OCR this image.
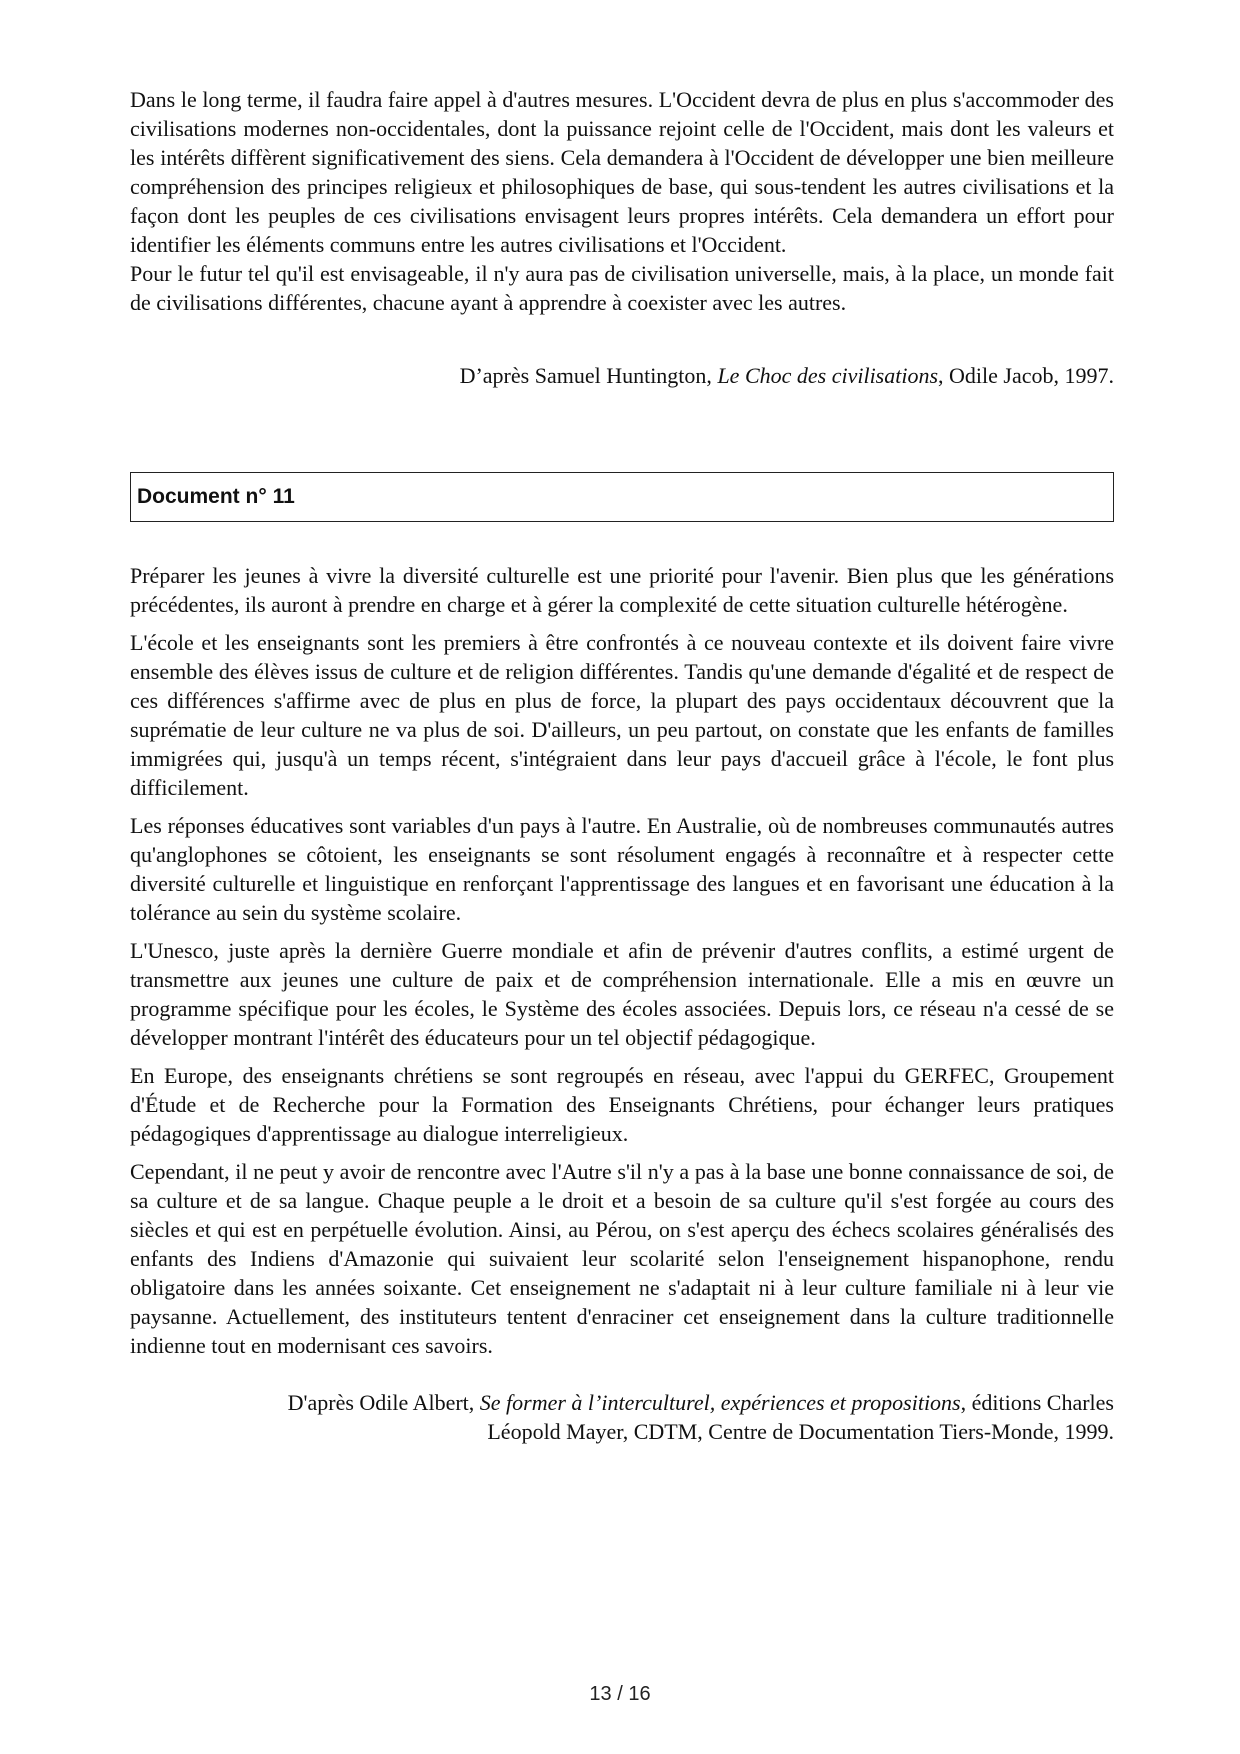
Dans le long terme, il faudra faire appel à d'autres mesures. L'Occident devra de plus en plus s'accommoder des civilisations modernes non-occidentales, dont la puissance rejoint celle de l'Occident, mais dont les valeurs et les intérêts diffèrent significativement des siens. Cela demandera à l'Occident de développer une bien meilleure compréhension des principes religieux et philosophiques de base, qui sous-tendent les autres civilisations et la façon dont les peuples de ces civilisations envisagent leurs propres intérêts. Cela demandera un effort pour identifier les éléments communs entre les autres civilisations et l'Occident.

Pour le futur tel qu'il est envisageable, il n'y aura pas de civilisation universelle, mais, à la place, un monde fait de civilisations différentes, chacune ayant à apprendre à coexister avec les autres.

D’après Samuel Huntington, Le Choc des civilisations, Odile Jacob, 1997.

Document n° 11

Préparer les jeunes à vivre la diversité culturelle est une priorité pour l'avenir. Bien plus que les générations précédentes, ils auront à prendre en charge et à gérer la complexité de cette situation culturelle hétérogène.

L'école et les enseignants sont les premiers à être confrontés à ce nouveau contexte et ils doivent faire vivre ensemble des élèves issus de culture et de religion différentes. Tandis qu'une demande d'égalité et de respect de ces différences s'affirme avec de plus en plus de force, la plupart des pays occidentaux découvrent que la suprématie de leur culture ne va plus de soi. D'ailleurs, un peu partout, on constate que les enfants de familles immigrées qui, jusqu'à un temps récent, s'intégraient dans leur pays d'accueil grâce à l'école, le font plus difficilement.

Les réponses éducatives sont variables d'un pays à l'autre. En Australie, où de nombreuses communautés autres qu'anglophones se côtoient, les enseignants se sont résolument engagés à reconnaître et à respecter cette diversité culturelle et linguistique en renforçant l'apprentissage des langues et en favorisant une éducation à la tolérance au sein du système scolaire.

L'Unesco, juste après la dernière Guerre mondiale et afin de prévenir d'autres conflits, a estimé urgent de transmettre aux jeunes une culture de paix et de compréhension internationale. Elle a mis en œuvre un programme spécifique pour les écoles, le Système des écoles associées. Depuis lors, ce réseau n'a cessé de se développer montrant l'intérêt des éducateurs pour un tel objectif pédagogique.

En Europe, des enseignants chrétiens se sont regroupés en réseau, avec l'appui du GERFEC, Groupement d'Étude et de Recherche pour la Formation des Enseignants Chrétiens, pour échanger leurs pratiques pédagogiques d'apprentissage au dialogue interreligieux.

Cependant, il ne peut y avoir de rencontre avec l'Autre s'il n'y a pas à la base une bonne connaissance de soi, de sa culture et de sa langue. Chaque peuple a le droit et a besoin de sa culture qu'il s'est forgée au cours des siècles et qui est en perpétuelle évolution. Ainsi, au Pérou, on s'est aperçu des échecs scolaires généralisés des enfants des Indiens d'Amazonie qui suivaient leur scolarité selon l'enseignement hispanophone, rendu obligatoire dans les années soixante. Cet enseignement ne s'adaptait ni à leur culture familiale ni à leur vie paysanne. Actuellement, des instituteurs tentent d'enraciner cet enseignement dans la culture traditionnelle indienne tout en modernisant ces savoirs.

D'après Odile Albert, Se former à l’interculturel, expériences et propositions, éditions Charles
Léopold Mayer, CDTM, Centre de Documentation Tiers-Monde, 1999.

13 / 16
